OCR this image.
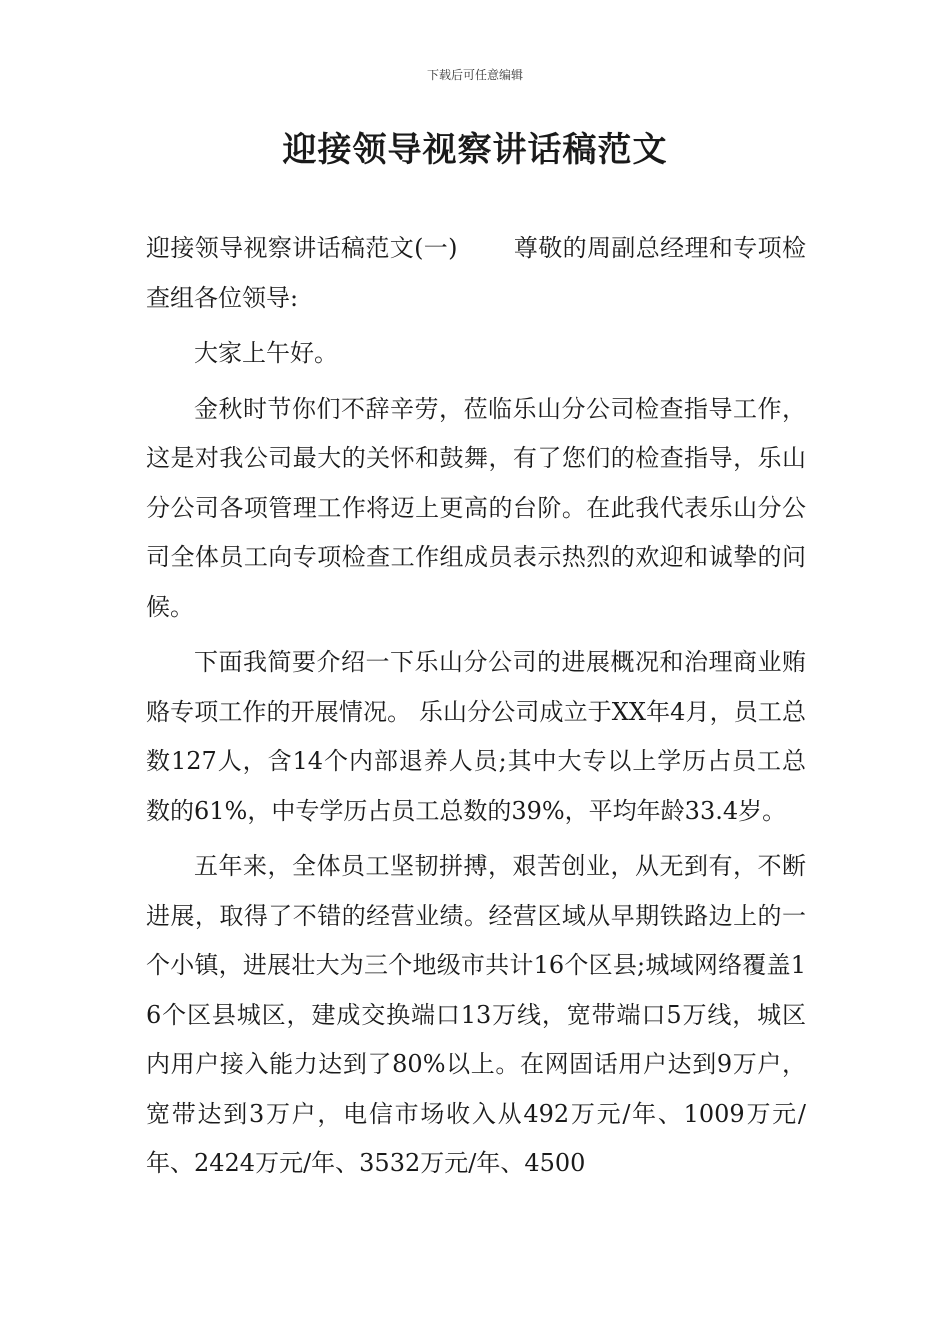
下载后可任意编辑
迎接领导视察讲话稿范文

迎接领导视察讲话稿范文(一) 尊敬的周副总经理和专项检查组各位领导:

大家上午好。

金秋时节你们不辞辛劳，莅临乐山分公司检查指导工作，这是对我公司最大的关怀和鼓舞，有了您们的检查指导，乐山分公司各项管理工作将迈上更高的台阶。在此我代表乐山分公司全体员工向专项检查工作组成员表示热烈的欢迎和诚挚的问候。

下面我简要介绍一下乐山分公司的进展概况和治理商业贿赂专项工作的开展情况。 乐山分公司成立于XX年4月，员工总数127人，含14个内部退养人员;其中大专以上学历占员工总数的61%，中专学历占员工总数的39%，平均年龄33.4岁。

五年来，全体员工坚韧拼搏，艰苦创业，从无到有，不断进展，取得了不错的经营业绩。经营区域从早期铁路边上的一个小镇，进展壮大为三个地级市共计16个区县;城域网络覆盖16个区县城区，建成交换端口13万线，宽带端口5万线，城区内用户接入能力达到了80%以上。在网固话用户达到9万户，宽带达到3万户，电信市场收入从492万元/年、1009万元/年、2424万元/年、3532万元/年、4500
